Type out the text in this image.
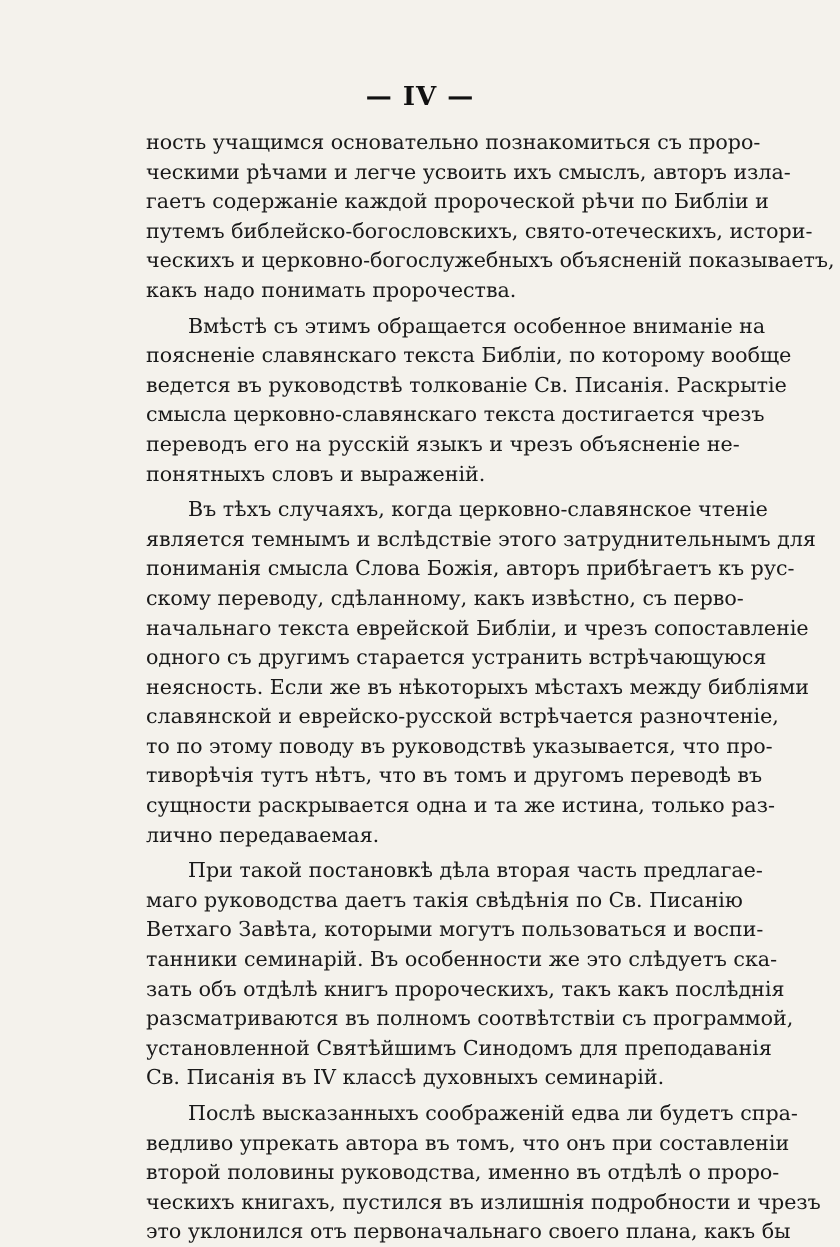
— IV —
ность учащимся основательно познакомиться съ проро-
ческими рѣчами и легче усвоить ихъ смыслъ, авторъ изла-
гаетъ содержаніе каждой пророческой рѣчи по Библіи и
путемъ библейско-богословскихъ, свято-отеческихъ, истори-
ческихъ и церковно-богослужебныхъ объясненій показываетъ,
какъ надо понимать пророчества.
Вмѣстѣ съ этимъ обращается особенное вниманіе на
поясненіе славянскаго текста Библіи, по которому вообще
ведется въ руководствѣ толкованіе Св. Писанія. Раскрытіе
смысла церковно-славянскаго текста достигается чрезъ
переводъ его на русскій языкъ и чрезъ объясненіе не-
понятныхъ словъ и выраженій.
Въ тѣхъ случаяхъ, когда церковно-славянское чтеніе
является темнымъ и вслѣдствіе этого затруднительнымъ для
пониманія смысла Слова Божія, авторъ прибѣгаетъ къ рус-
скому переводу, сдѣланному, какъ извѣстно, съ перво-
начальнаго текста еврейской Библіи, и чрезъ сопоставленіе
одного съ другимъ старается устранить встрѣчающуюся
неясность. Если же въ нѣкоторыхъ мѣстахъ между библіями
славянской и еврейско-русской встрѣчается разночтеніе,
то по этому поводу въ руководствѣ указывается, что про-
тиворѣчія тутъ нѣтъ, что въ томъ и другомъ переводѣ въ
сущности раскрывается одна и та же истина, только раз-
лично передаваемая.
При такой постановкѣ дѣла вторая часть предлагае-
маго руководства даетъ такія свѣдѣнія по Св. Писанію
Ветхаго Завѣта, которыми могутъ пользоваться и воспи-
танники семинарій. Въ особенности же это слѣдуетъ ска-
зать объ отдѣлѣ книгъ пророческихъ, такъ какъ послѣднія
разсматриваются въ полномъ соотвѣтствіи съ программой,
установленной Святѣйшимъ Синодомъ для преподаванія
Св. Писанія въ IV классѣ духовныхъ семинарій.
Послѣ высказанныхъ соображеній едва ли будетъ спра-
ведливо упрекать автора въ томъ, что онъ при составленіи
второй половины руководства, именно въ отдѣлѣ о проро-
ческихъ книгахъ, пустился въ излишнія подробности и чрезъ
это уклонился отъ первоначальнаго своего плана, какъ бы
